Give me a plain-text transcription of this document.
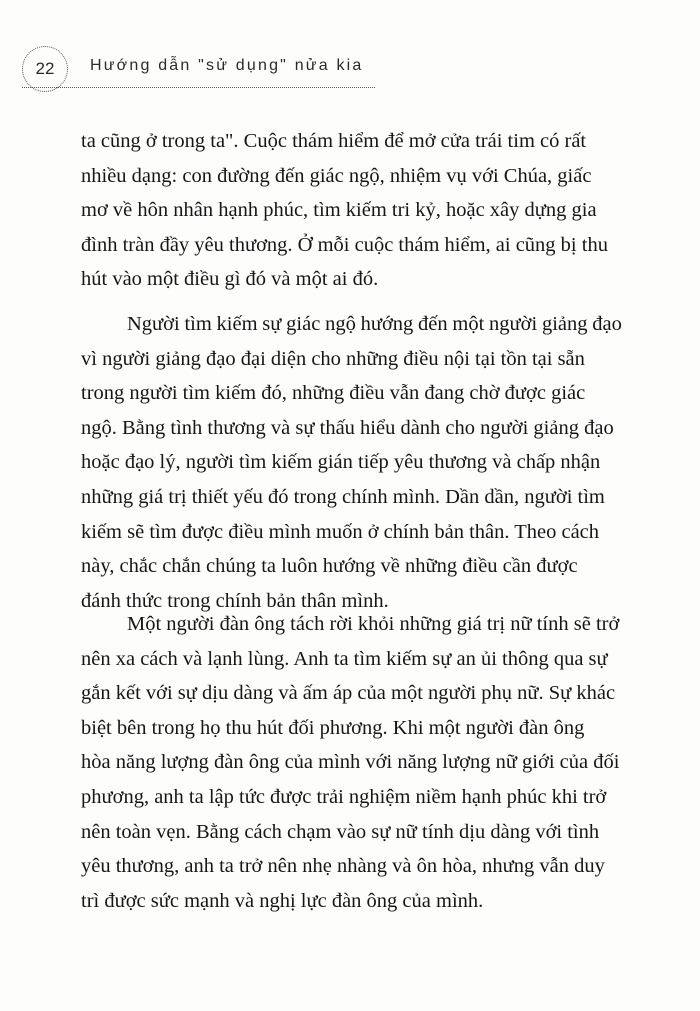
22	Hướng dẫn "sử dụng" nửa kia

ta cũng ở trong ta". Cuộc thám hiểm để mở cửa trái tim có rất
nhiều dạng: con đường đến giác ngộ, nhiệm vụ với Chúa, giấc
mơ về hôn nhân hạnh phúc, tìm kiếm tri kỷ, hoặc xây dựng gia
đình tràn đầy yêu thương. Ở mỗi cuộc thám hiểm, ai cũng bị thu
hút vào một điều gì đó và một ai đó.

Người tìm kiếm sự giác ngộ hướng đến một người giảng đạo
vì người giảng đạo đại diện cho những điều nội tại tồn tại sẵn
trong người tìm kiếm đó, những điều vẫn đang chờ được giác
ngộ. Bằng tình thương và sự thấu hiểu dành cho người giảng đạo
hoặc đạo lý, người tìm kiếm gián tiếp yêu thương và chấp nhận
những giá trị thiết yếu đó trong chính mình. Dần dần, người tìm
kiếm sẽ tìm được điều mình muốn ở chính bản thân. Theo cách
này, chắc chắn chúng ta luôn hướng về những điều cần được
đánh thức trong chính bản thân mình.

Một người đàn ông tách rời khỏi những giá trị nữ tính sẽ trở
nên xa cách và lạnh lùng. Anh ta tìm kiếm sự an ủi thông qua sự
gắn kết với sự dịu dàng và ấm áp của một người phụ nữ. Sự khác
biệt bên trong họ thu hút đối phương. Khi một người đàn ông
hòa năng lượng đàn ông của mình với năng lượng nữ giới của đối
phương, anh ta lập tức được trải nghiệm niềm hạnh phúc khi trở
nên toàn vẹn. Bằng cách chạm vào sự nữ tính dịu dàng với tình
yêu thương, anh ta trở nên nhẹ nhàng và ôn hòa, nhưng vẫn duy
trì được sức mạnh và nghị lực đàn ông của mình.
